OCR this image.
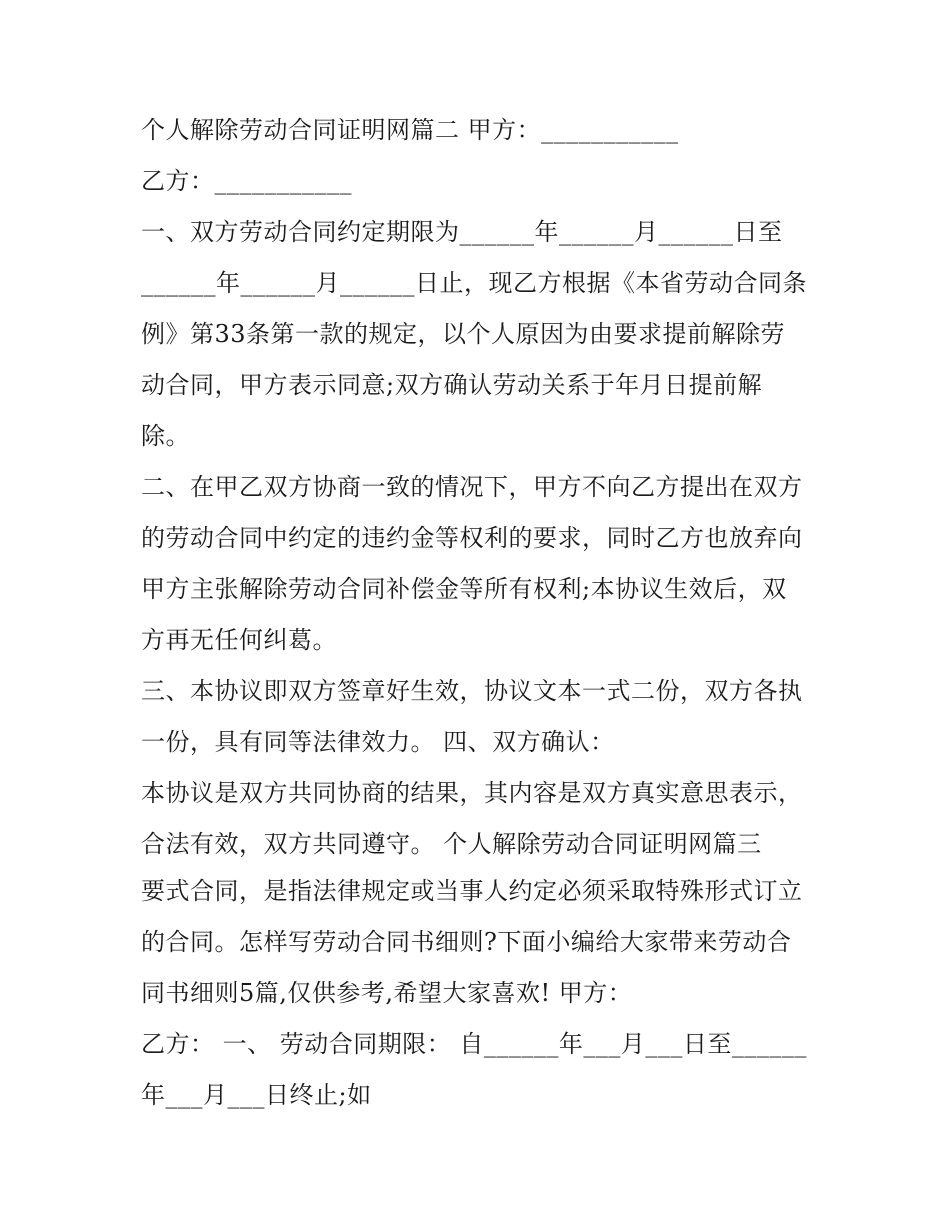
个人解除劳动合同证明网篇二 甲方：___________
乙方：___________
一、双方劳动合同约定期限为______年______月______日至
______年______月______日止，现乙方根据《本省劳动合同条
例》第33条第一款的规定，以个人原因为由要求提前解除劳
动合同，甲方表示同意;双方确认劳动关系于年月日提前解
除。
二、在甲乙双方协商一致的情况下，甲方不向乙方提出在双方
的劳动合同中约定的违约金等权利的要求，同时乙方也放弃向
甲方主张解除劳动合同补偿金等所有权利;本协议生效后，双
方再无任何纠葛。
三、本协议即双方签章好生效，协议文本一式二份，双方各执
一份，具有同等法律效力。 四、双方确认：
本协议是双方共同协商的结果，其内容是双方真实意思表示，
合法有效，双方共同遵守。 个人解除劳动合同证明网篇三
要式合同，是指法律规定或当事人约定必须采取特殊形式订立
的合同。怎样写劳动合同书细则?下面小编给大家带来劳动合
同书细则5篇,仅供参考,希望大家喜欢! 甲方：
乙方： 一、 劳动合同期限： 自______年___月___日至______
年___月___日终止;如
